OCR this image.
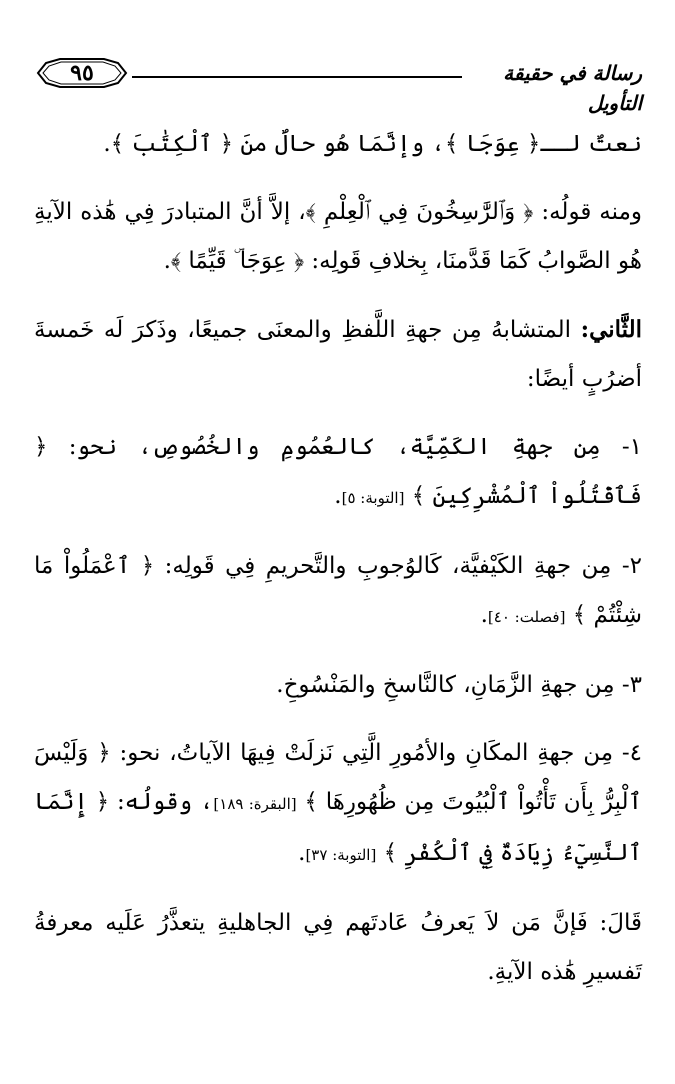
٩٥	رسالة في حقيقة التأويل

نعتٌ لــ﴿ عِوَجَا ﴾، وإنَّمَا هُو حالٌ منَ ﴿ ٱلْكِتَٰبَ ﴾.

ومنه قولُه: ﴿ وَٱلرَّٰسِخُونَ فِي ٱلْعِلْمِ ﴾، إلاَّ أنَّ المتبادرَ فِي هَٰذه الآيةِ هُو الصَّوابُ كَمَا قَدَّمنَا، بِخلافِ قَولِه: ﴿ عِوَجَا ۜ قَيِّمًا ﴾.

الثَّاني: المتشابهُ مِن جهةِ اللَّفظِ والمعنَى جميعًا، وذَكرَ لَه خَمسةَ أضرُبٍ أيضًا:

١- مِن جهةِ الكَمِّيَّة، كالعُمُومِ والخُصُوصِ، نحو: ﴿ فَٱقْتُلُواْ ٱلْمُشْرِكِينَ ﴾ [التوبة: ٥].

٢- مِن جهةِ الكَيْفيَّة، كَالوُجوبِ والتَّحريمِ فِي قَولِه: ﴿ ٱعْمَلُواْ مَا شِئْتُمْ ﴾ [فصلت: ٤٠].

٣- مِن جهةِ الزَّمَانِ، كالنَّاسخِ والمَنْسُوخِ.

٤- مِن جهةِ المكَانِ والأمُورِ الَّتِي نَزلَتْ فِيهَا الآياتُ، نحو: ﴿ وَلَيْسَ ٱلْبِرُّ بِأَن تَأْتُواْ ٱلْبُيُوتَ مِن ظُهُورِهَا ﴾ [البقرة: ١٨٩]، وقولُه: ﴿ إِنَّمَا ٱلنَّسِيٓءُ زِيَادَةٌ فِي ٱلْكُفْرِ ﴾ [التوبة: ٣٧].

قَالَ: فَإنَّ مَن لاَ يَعرفُ عَادتَهم فِي الجاهليةِ يتعذَّرُ عَلَيه معرفةُ تَفسيرِ هَٰذه الآيةِ.
